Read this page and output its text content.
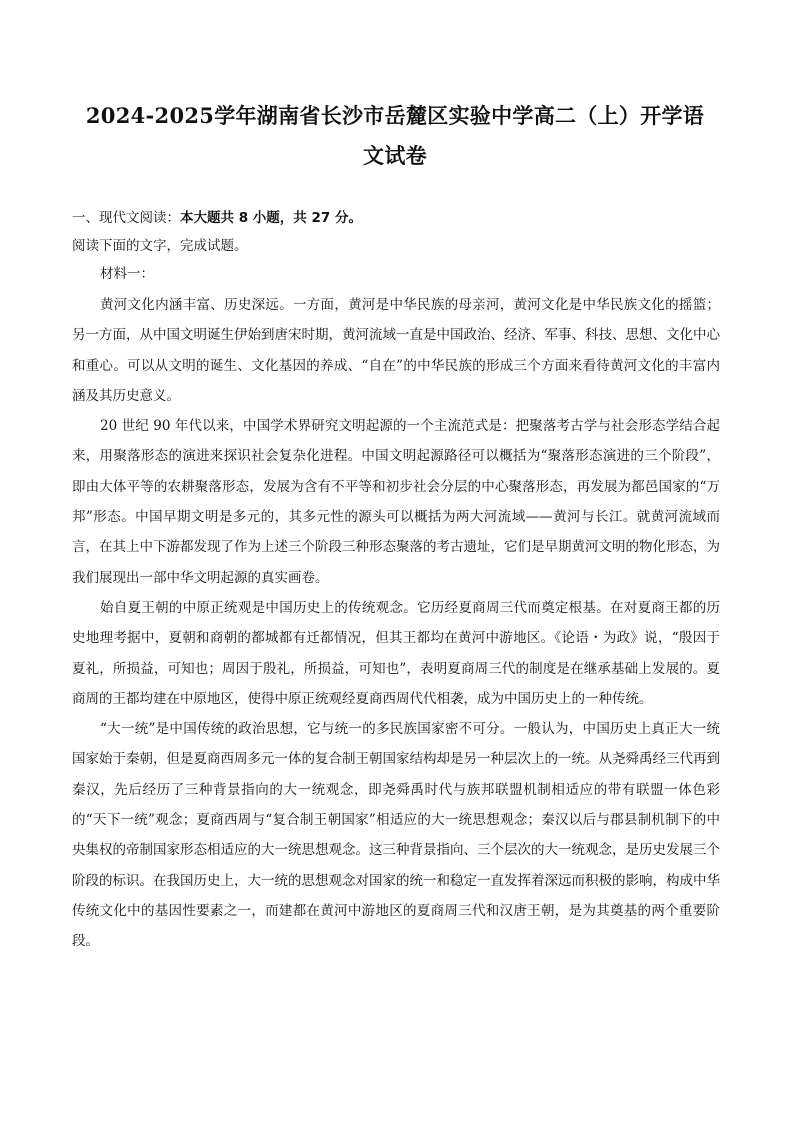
2024-2025学年湖南省长沙市岳麓区实验中学高二（上）开学语文试卷
一、现代文阅读：本大题共 8 小题，共 27 分。
阅读下面的文字，完成试题。
材料一：

黄河文化内涵丰富、历史深远。一方面，黄河是中华民族的母亲河，黄河文化是中华民族文化的摇篮；另一方面，从中国文明诞生伊始到唐宋时期，黄河流域一直是中国政治、经济、军事、科技、思想、文化中心和重心。可以从文明的诞生、文化基因的养成、“自在”的中华民族的形成三个方面来看待黄河文化的丰富内涵及其历史意义。

20 世纪 90 年代以来，中国学术界研究文明起源的一个主流范式是：把聚落考古学与社会形态学结合起来，用聚落形态的演进来探识社会复杂化进程。中国文明起源路径可以概括为“聚落形态演进的三个阶段”，即由大体平等的农耕聚落形态，发展为含有不平等和初步社会分层的中心聚落形态，再发展为都邑国家的“万邦”形态。中国早期文明是多元的，其多元性的源头可以概括为两大河流域——黄河与长江。就黄河流域而言，在其上中下游都发现了作为上述三个阶段三种形态聚落的考古遗址，它们是早期黄河文明的物化形态，为我们展现出一部中华文明起源的真实画卷。

始自夏王朝的中原正统观是中国历史上的传统观念。它历经夏商周三代而奠定根基。在对夏商王都的历史地理考据中，夏朝和商朝的都城都有迁都情况，但其王都均在黄河中游地区。《论语・为政》说，“殷因于夏礼，所损益，可知也；周因于殷礼，所损益，可知也”，表明夏商周三代的制度是在继承基础上发展的。夏商周的王都均建在中原地区，使得中原正统观经夏商西周代代相袭，成为中国历史上的一种传统。

“大一统”是中国传统的政治思想，它与统一的多民族国家密不可分。一般认为，中国历史上真正大一统国家始于秦朝，但是夏商西周多元一体的复合制王朝国家结构却是另一种层次上的一统。从尧舜禹经三代再到秦汉，先后经历了三种背景指向的大一统观念，即尧舜禹时代与族邦联盟机制相适应的带有联盟一体色彩的“天下一统”观念；夏商西周与“复合制王朝国家”相适应的大一统思想观念；秦汉以后与郡县制机制下的中央集权的帝制国家形态相适应的大一统思想观念。这三种背景指向、三个层次的大一统观念，是历史发展三个阶段的标识。在我国历史上，大一统的思想观念对国家的统一和稳定一直发挥着深远而积极的影响，构成中华传统文化中的基因性要素之一，而建都在黄河中游地区的夏商周三代和汉唐王朝，是为其奠基的两个重要阶段。
